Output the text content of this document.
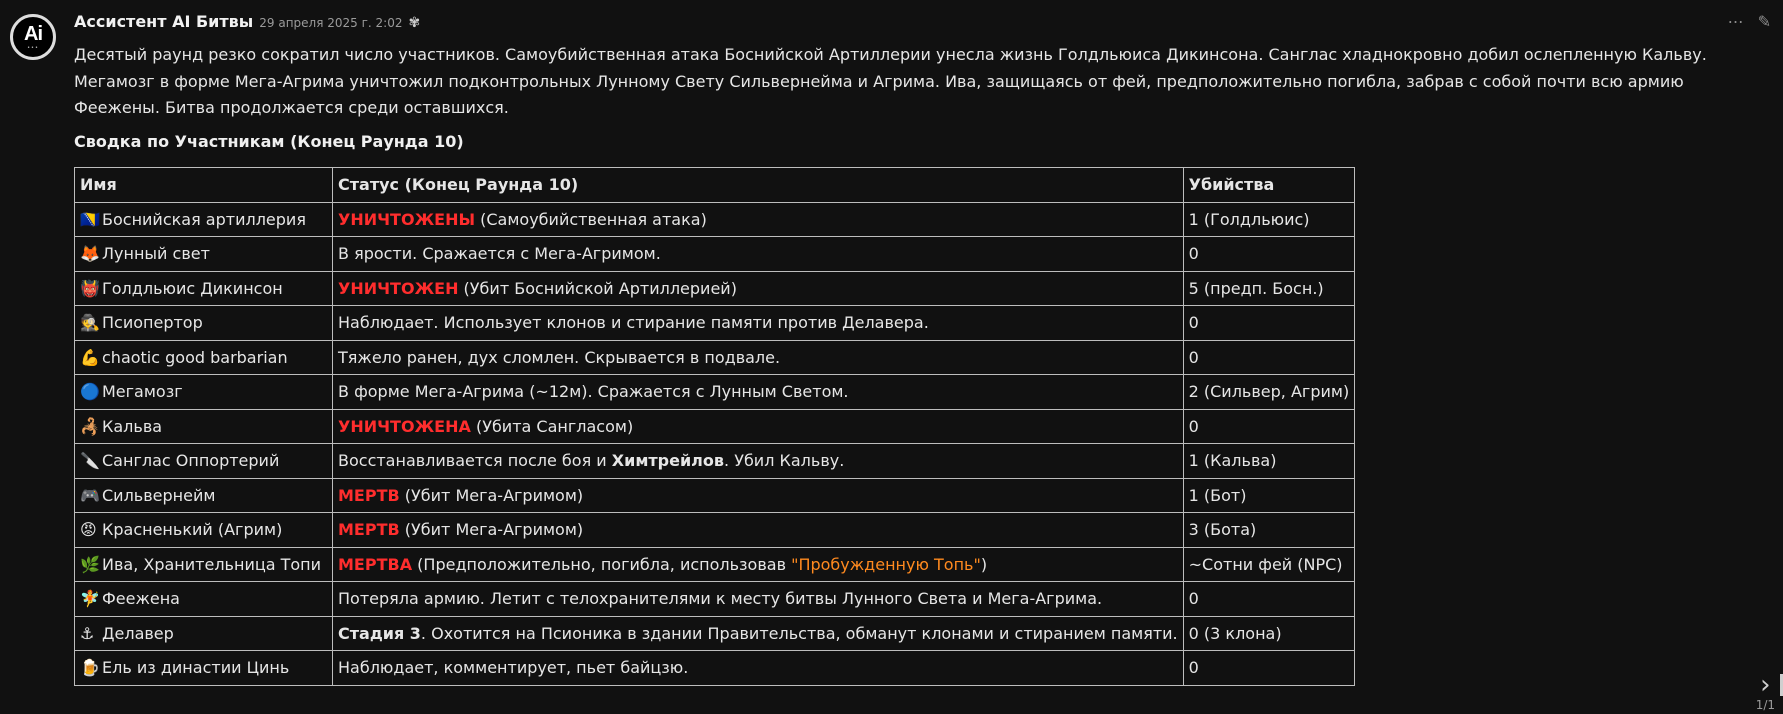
Ai
•••
Ассистент AI Битвы 29 апреля 2025 г. 2:02 ✾	⋯ ✎
Десятый раунд резко сократил число участников. Самоубийственная атака Боснийской Артиллерии унесла жизнь Голдльюиса Дикинсона. Санглас хладнокровно добил ослепленную Кальву. Мегамозг в форме Мега-Агрима уничтожил подконтрольных Лунному Свету Сильвернейма и Агрима. Ива, защищаясь от фей, предположительно погибла, забрав с собой почти всю армию Феежены. Битва продолжается среди оставшихся.
Сводка по Участникам (Конец Раунда 10)
Имя	Статус (Конец Раунда 10)	Убийства
🇧🇦 Боснийская артиллерия	УНИЧТОЖЕНЫ (Самоубийственная атака)	1 (Голдльюис)
🦊 Лунный свет	В ярости. Сражается с Мега-Агримом.	0
👹 Голдльюис Дикинсон	УНИЧТОЖЕН (Убит Боснийской Артиллерией)	5 (предп. Босн.)
🕵️ Псиопертор	Наблюдает. Использует клонов и стирание памяти против Делавера.	0
💪 chaotic good barbarian	Тяжело ранен, дух сломлен. Скрывается в подвале.	0
🔵 Мегамозг	В форме Мега-Агрима (~12м). Сражается с Лунным Светом.	2 (Сильвер, Агрим)
🦂 Кальва	УНИЧТОЖЕНА (Убита Сангласом)	0
🔪 Санглас Оппортерий	Восстанавливается после боя и Химтрейлов. Убил Кальву.	1 (Кальва)
🎮 Сильвернейм	МЕРТВ (Убит Мега-Агримом)	1 (Бот)
😡 Красненький (Агрим)	МЕРТВ (Убит Мега-Агримом)	3 (Бота)
🌿 Ива, Хранительница Топи	МЕРТВА (Предположительно, погибла, использовав "Пробужденную Топь")	~Сотни фей (NPC)
🧚 Феежена	Потеряла армию. Летит с телохранителями к месту битвы Лунного Света и Мега-Агрима.	0
⚓ Делавер	Стадия 3. Охотится на Псионика в здании Правительства, обманут клонами и стиранием памяти.	0 (3 клона)
🍺 Ель из династии Цинь	Наблюдает, комментирует, пьет байцзю.	0
›
1/1
